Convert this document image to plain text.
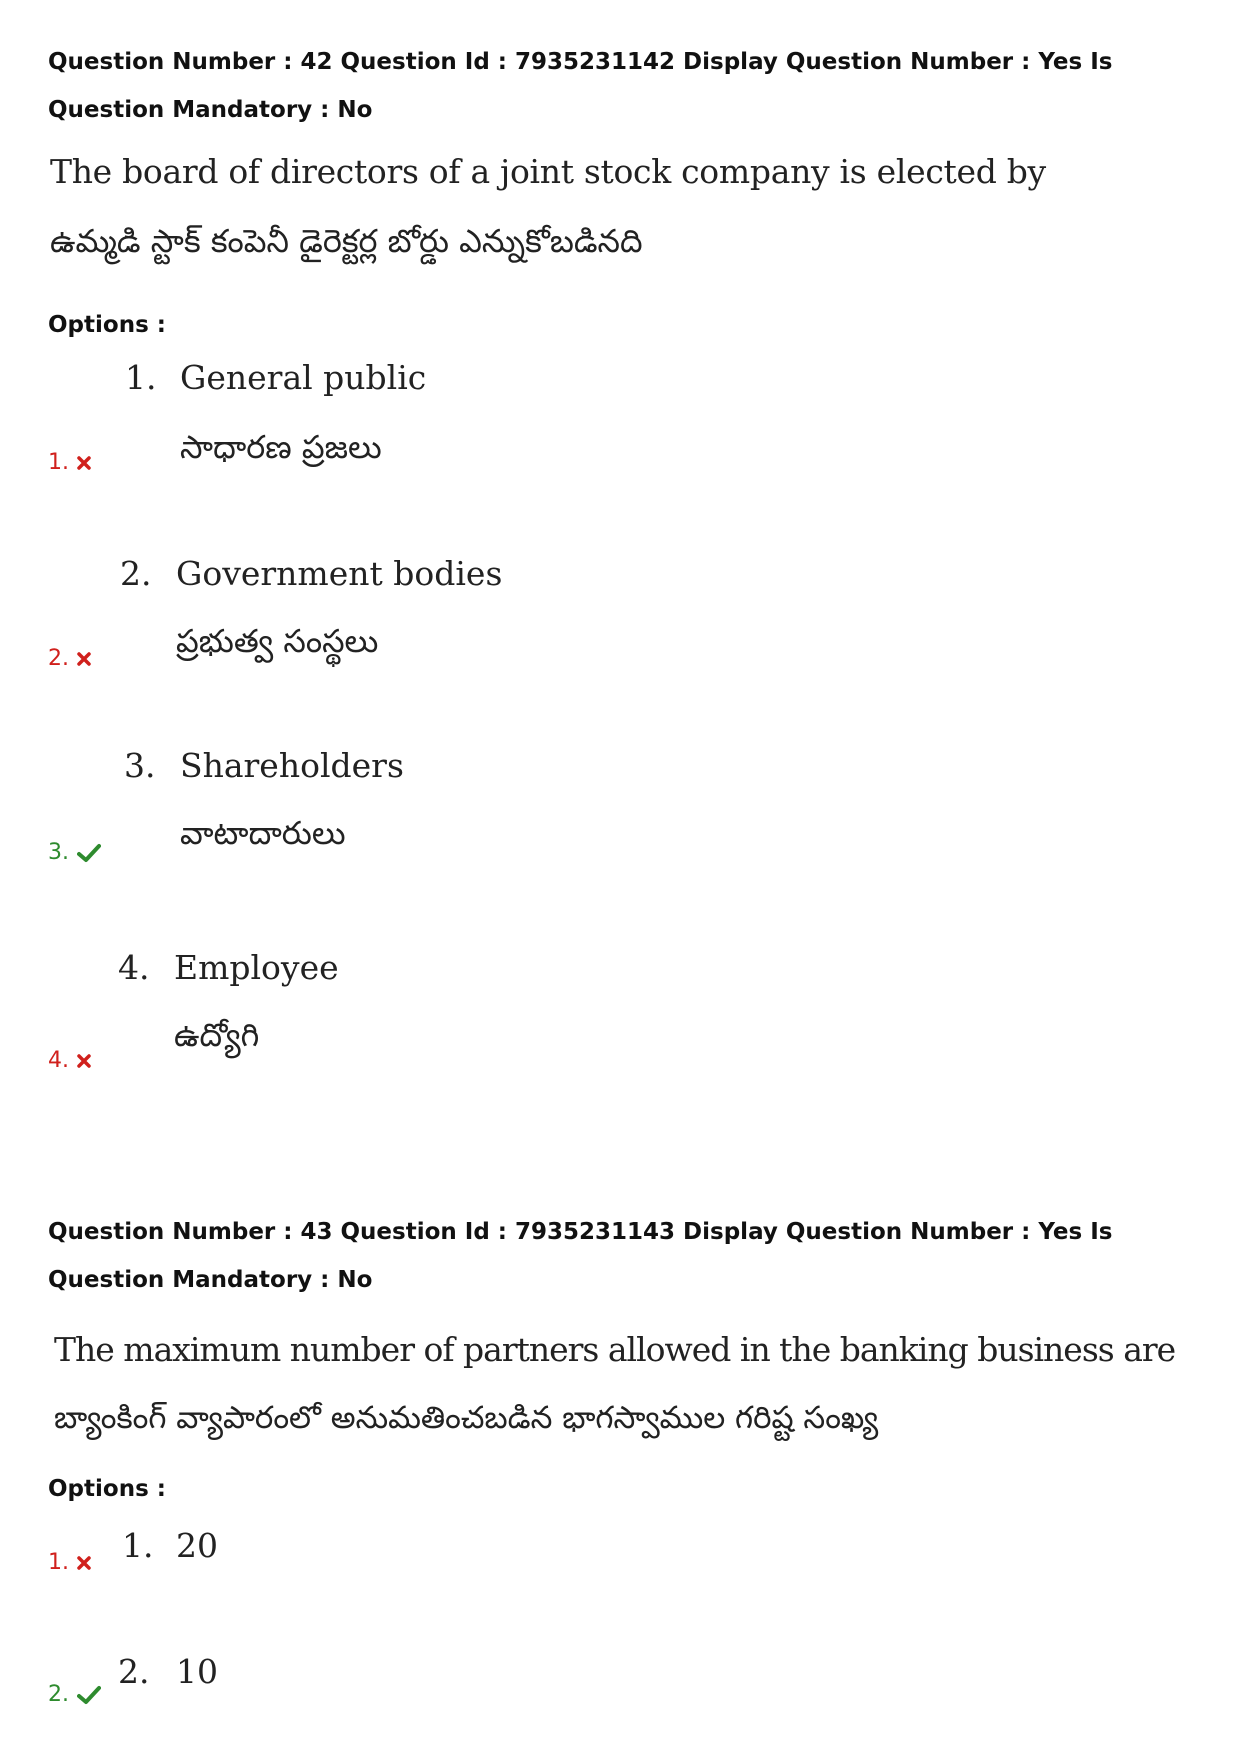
Question Number : 42 Question Id : 7935231142 Display Question Number : Yes Is Question Mandatory : No
The board of directors of a joint stock company is elected by
ఉమ్మడి స్టాక్ కంపెనీ డైరెక్టర్ల బోర్డు ఎన్నుకోబడినది
Options :
1. General public
సాధారణ ప్రజలు
1.
2. Government bodies
ప్రభుత్వ సంస్థలు
2.
3. Shareholders
వాటాదారులు
3.
4. Employee
ఉద్యోగి
4.
Question Number : 43 Question Id : 7935231143 Display Question Number : Yes Is Question Mandatory : No
The maximum number of partners allowed in the banking business are
బ్యాంకింగ్ వ్యాపారంలో అనుమతించబడిన భాగస్వాముల గరిష్ట సంఖ్య
Options :
1. 20
1.
2. 10
2.
